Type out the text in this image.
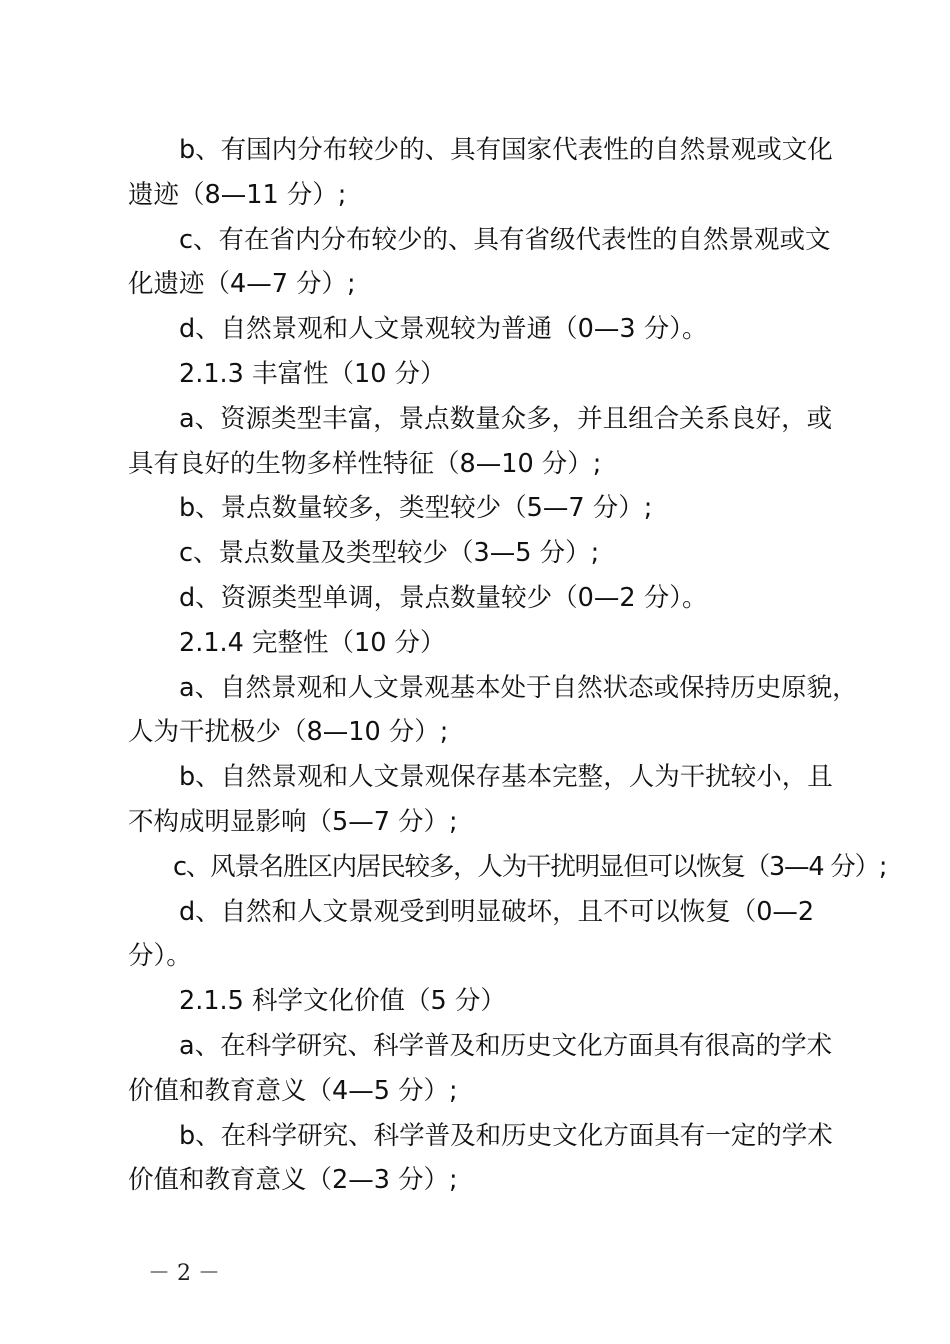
b、有国内分布较少的、具有国家代表性的自然景观或文化
遗迹（8—11 分）;
c、有在省内分布较少的、具有省级代表性的自然景观或文
化遗迹（4—7 分）;
d、自然景观和人文景观较为普通（0—3 分）。
2.1.3 丰富性（10 分）
a、资源类型丰富，景点数量众多，并且组合关系良好，或
具有良好的生物多样性特征（8—10 分）;
b、景点数量较多，类型较少（5—7 分）;
c、景点数量及类型较少（3—5 分）;
d、资源类型单调，景点数量较少（0—2 分）。
2.1.4 完整性（10 分）
a、自然景观和人文景观基本处于自然状态或保持历史原貌，
人为干扰极少（8—10 分）;
b、自然景观和人文景观保存基本完整，人为干扰较小，且
不构成明显影响（5—7 分）;
c、风景名胜区内居民较多，人为干扰明显但可以恢复（3—4 分）;
d、自然和人文景观受到明显破坏，且不可以恢复（0—2
分）。
2.1.5 科学文化价值（5 分）
a、在科学研究、科学普及和历史文化方面具有很高的学术
价值和教育意义（4—5 分）;
b、在科学研究、科学普及和历史文化方面具有一定的学术
价值和教育意义（2—3 分）;
－ 2 －
